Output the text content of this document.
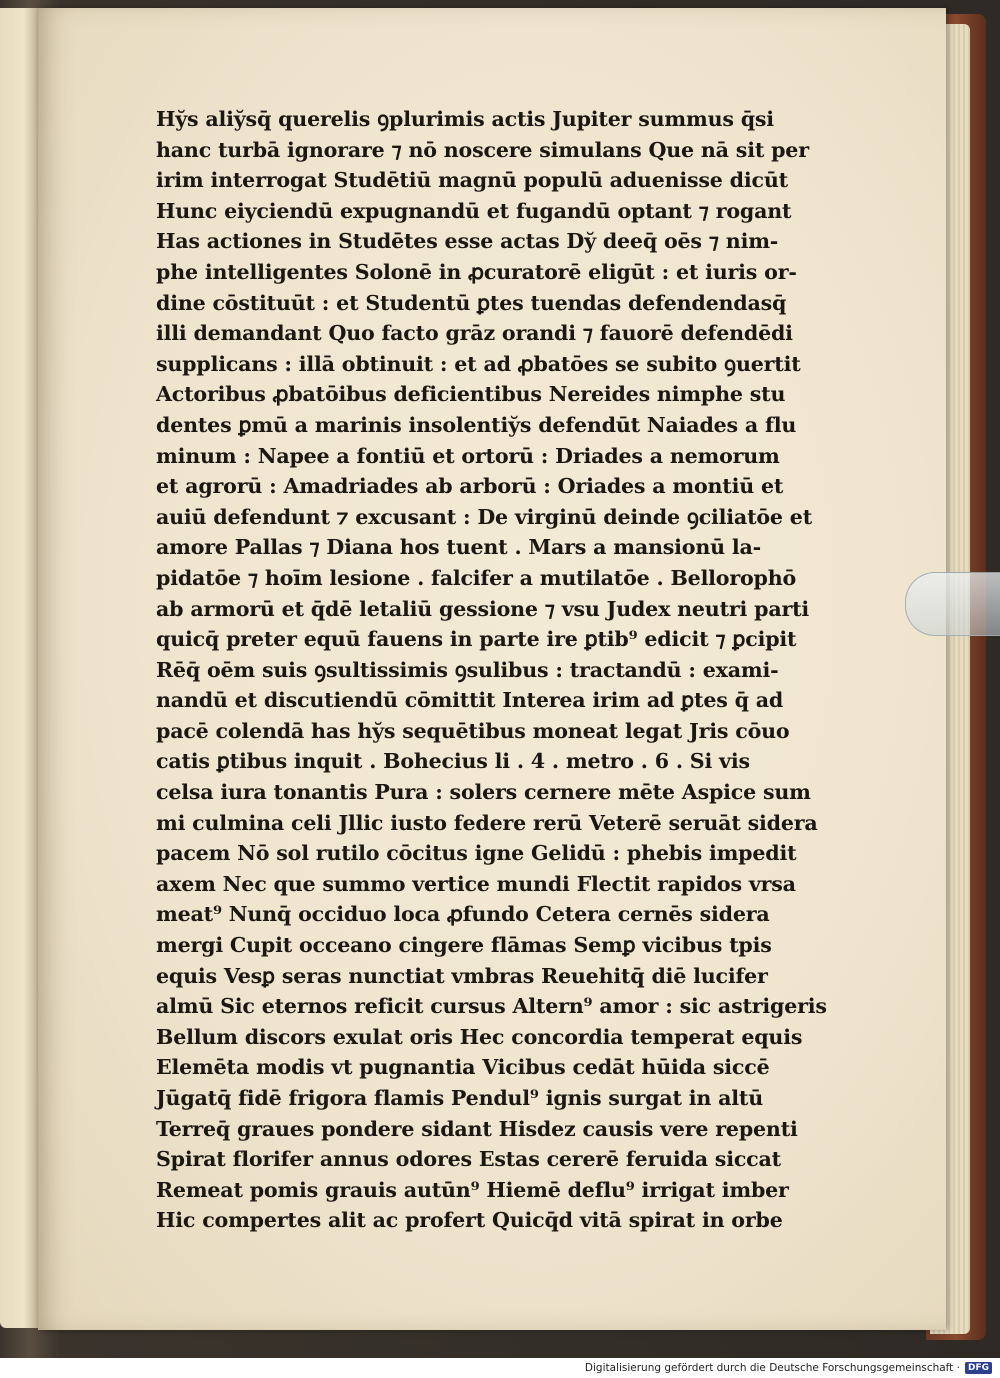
Hy̆s aliy̆sq̄ querelis ꝯplurimis actis Jupiter summus q̄si
hanc turbā ignorare ⁊ nō noscere simulans Que nā sit per
irim interrogat Studētiū magnū populū aduenisse dicūt
Hunc eiyciendū expugnandū et fugandū optant ⁊ rogant
Has actiones in Studētes esse actas Dy̆ deeq̄ oēs ⁊ nim-
phe intelligentes Solonē in ꝓcuratorē eligūt : et iuris or-
dine cōstituūt : et Studentū ꝑtes tuendas defendendasq̄
illi demandant Quo facto grāz orandi ⁊ fauorē defendēdi
supplicans : illā obtinuit : et ad ꝓbatōes se subito ꝯuertit
Actoribus ꝓbatōibus deficientibus Nereides nimphe stu
dentes ꝑmū a marinis insolentiy̆s defendūt Naiades a flu
minum : Napee a fontiū et ortorū : Driades a nemorum
et agrorū : Amadriades ab arborū : Oriades a montiū et
auiū defendunt ⁊ excusant : De virginū deinde ꝯciliatōe et
amore Pallas ⁊ Diana hos tuent . Mars a mansionū la-
pidatōe ⁊ hoīm lesione . falcifer a mutilatōe . Bellorophō
ab armorū et q̄dē letaliū gessione ⁊ vsu Judex neutri parti
quicq̄ preter equū fauens in parte ire ꝑtib⁹ edicit ⁊ ꝑcipit
Rēq̄ oēm suis ꝯsultissimis ꝯsulibus : tractandū : exami-
nandū et discutiendū cōmittit Interea irim ad ꝑtes q̄ ad
pacē colendā has hy̆s sequētibus moneat legat Jris cōuo
catis ꝑtibus inquit . Bohecius li . 4 . metro . 6 . Si vis
celsa iura tonantis Pura : solers cernere mēte Aspice sum
mi culmina celi Jllic iusto federe rerū Veterē seruāt sidera
pacem Nō sol rutilo cōcitus igne Gelidū : phebis impedit
axem Nec que summo vertice mundi Flectit rapidos vrsa
meat⁹ Nunq̄ occiduo loca ꝓfundo Cetera cernēs sidera
mergi Cupit occeano cingere flāmas Semꝑ vicibus tpis
equis Vesꝑ seras nunctiat vmbras Reuehitq̄ diē lucifer
almū Sic eternos reficit cursus Altern⁹ amor : sic astrigeris
Bellum discors exulat oris Hec concordia temperat equis
Elemēta modis vt pugnantia Vicibus cedāt hūida siccē
Jūgatq̄ fidē frigora flamis Pendul⁹ ignis surgat in altū
Terreq̄ graues pondere sidant Hisdez causis vere repenti
Spirat florifer annus odores Estas cererē feruida siccat
Remeat pomis grauis autūn⁹ Hiemē deflu⁹ irrigat imber
Hic compertes alit ac profert Quicq̄d vitā spirat in orbe
Digitalisierung gefördert durch die Deutsche Forschungsgemeinschaft · DFG
